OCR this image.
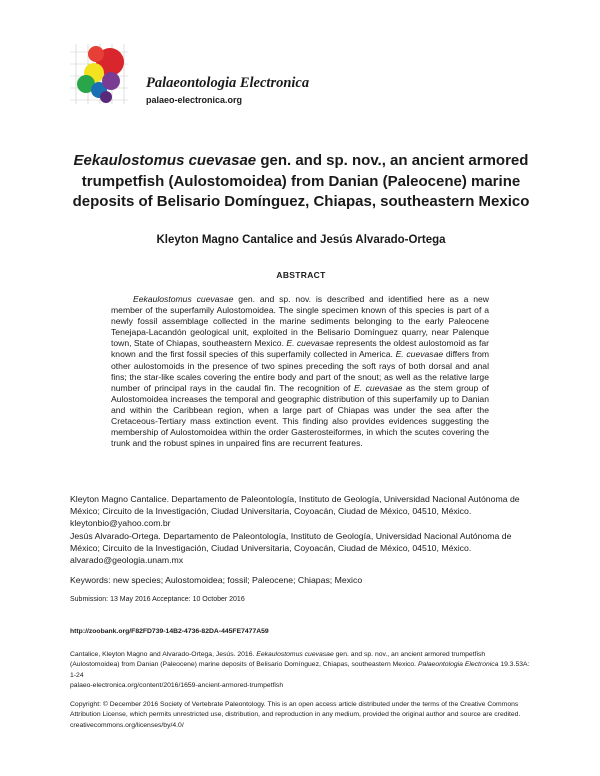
Palaeontologia Electronica
palaeo-electronica.org
Eekaulostomus cuevasae gen. and sp. nov., an ancient armored trumpetfish (Aulostomoidea) from Danian (Paleocene) marine deposits of Belisario Domínguez, Chiapas, southeastern Mexico
Kleyton Magno Cantalice and Jesús Alvarado-Ortega
ABSTRACT

Eekaulostomus cuevasae gen. and sp. nov. is described and identified here as a new member of the superfamily Aulostomoidea. The single specimen known of this species is part of a newly fossil assemblage collected in the marine sediments belonging to the early Paleocene Tenejapa-Lacandón geological unit, exploited in the Belisario Domínguez quarry, near Palenque town, State of Chiapas, southeastern Mexico. E. cuevasae represents the oldest aulostomoid as far known and the first fossil species of this superfamily collected in America. E. cuevasae differs from other aulostomoids in the presence of two spines preceding the soft rays of both dorsal and anal fins; the star-like scales covering the entire body and part of the snout; as well as the relative large number of principal rays in the caudal fin. The recognition of E. cuevasae as the stem group of Aulostomoidea increases the temporal and geographic distribution of this superfamily up to Danian and within the Caribbean region, when a large part of Chiapas was under the sea after the Cretaceous-Tertiary mass extinction event. This finding also provides evidences suggesting the membership of Aulostomoidea within the order Gasterosteiformes, in which the scutes covering the trunk and the robust spines in unpaired fins are recurrent features.

Kleyton Magno Cantalice. Departamento de Paleontología, Instituto de Geología, Universidad Nacional Autónoma de México; Circuito de la Investigación, Ciudad Universitaria, Coyoacán, Ciudad de México, 04510, México. kleytonbio@yahoo.com.br

Jesús Alvarado-Ortega. Departamento de Paleontología, Instituto de Geología, Universidad Nacional Autónoma de México; Circuito de la Investigación, Ciudad Universitaria, Coyoacán, Ciudad de México, 04510, México. alvarado@geologia.unam.mx

Keywords: new species; Aulostomoidea; fossil; Paleocene; Chiapas; Mexico
Submission: 13 May 2016 Acceptance: 10 October 2016
http://zoobank.org/F82FD739-14B2-4736-82DA-445FE7477A59

Cantalice, Kleyton Magno and Alvarado-Ortega, Jesús. 2016. Eekaulostomus cuevasae gen. and sp. nov., an ancient armored trumpetfish (Aulostomoidea) from Danian (Paleocene) marine deposits of Belisario Domínguez, Chiapas, southeastern Mexico. Palaeontologia Electronica 19.3.53A: 1-24
palaeo-electronica.org/content/2016/1659-ancient-armored-trumpetfish

Copyright: © December 2016 Society of Vertebrate Paleontology. This is an open access article distributed under the terms of the Creative Commons Attribution License, which permits unrestricted use, distribution, and reproduction in any medium, provided the original author and source are credited.
creativecommons.org/licenses/by/4.0/
